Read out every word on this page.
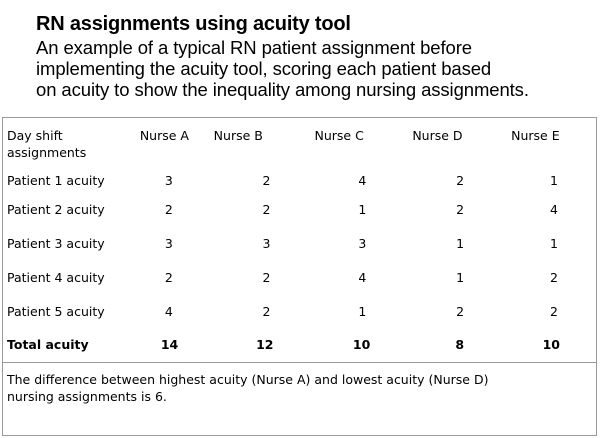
RN assignments using acuity tool
An example of a typical RN patient assignment before
implementing the acuity tool, scoring each patient based
on acuity to show the inequality among nursing assignments.
Day shift
assignments	Nurse A	Nurse B	Nurse C	Nurse D	Nurse E
Patient 1 acuity	3	2	4	2	1
Patient 2 acuity	2	2	1	2	4
Patient 3 acuity	3	3	3	1	1
Patient 4 acuity	2	2	4	1	2
Patient 5 acuity	4	2	1	2	2
Total acuity	14	12	10	8	10

The difference between highest acuity (Nurse A) and lowest acuity (Nurse D)
nursing assignments is 6.					
